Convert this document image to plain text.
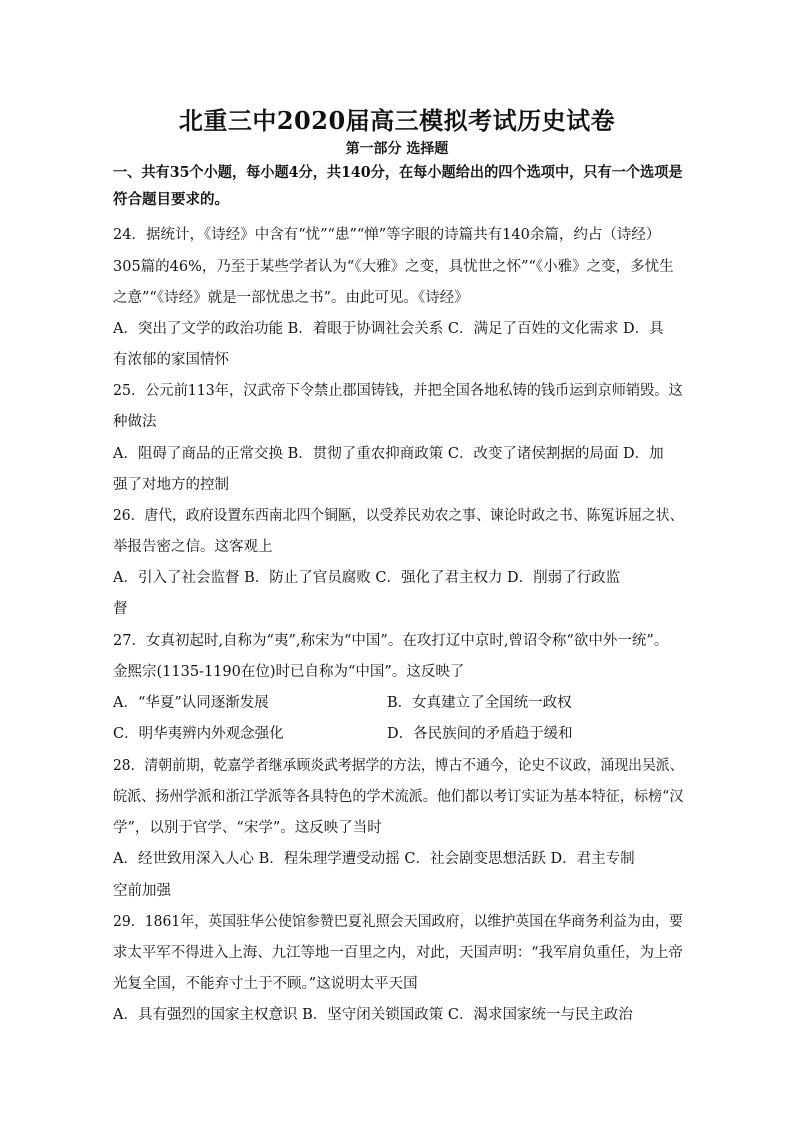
北重三中2020届高三模拟考试历史试卷
第一部分 选择题
一、共有35个小题，每小题4分，共140分，在每小题给出的四个选项中，只有一个选项是
符合题目要求的。
24．据统计，《诗经》中含有“忧”“患”“惮”等字眼的诗篇共有140余篇，约占（诗经）
305篇的46%，乃至于某些学者认为“《大雅》之变，具忧世之怀”“《小雅》之变，多忧生
之意”“《诗经》就是一部忧患之书”。由此可见。《诗经》
A．突出了文学的政治功能 B．着眼于协调社会关系 C．满足了百姓的文化需求 D．具
有浓郁的家国情怀
25．公元前113年，汉武帝下令禁止郡国铸钱，并把全国各地私铸的钱币运到京师销毁。这
种做法
A．阻碍了商品的正常交换 B．贯彻了重农抑商政策 C．改变了诸侯割据的局面 D．加
强了对地方的控制
26．唐代，政府设置东西南北四个铜匦，以受养民劝农之事、谏论时政之书、陈冤诉屈之状、
举报告密之信。这客观上
A．引入了社会监督 B．防止了官员腐败 C．强化了君主权力 D．削弱了行政监
督
27．女真初起时,自称为“夷”,称宋为“中国”。在攻打辽中京时,曾诏令称“欲中外一统”。
金熙宗(1135-1190在位)时已自称为“中国”。这反映了
A．“华夏”认同逐渐发展	B．女真建立了全国统一政权
C．明华夷辨内外观念强化	D．各民族间的矛盾趋于缓和
28．清朝前期，乾嘉学者继承顾炎武考据学的方法，博古不通今，论史不议政，涌现出吴派、
皖派、扬州学派和浙江学派等各具特色的学术流派。他们都以考订实证为基本特征，标榜“汉
学”，以别于官学、“宋学”。这反映了当时
A．经世致用深入人心 B．程朱理学遭受动摇 C．社会剧变思想活跃 D．君主专制
空前加强
29．1861年，英国驻华公使馆参赞巴夏礼照会天国政府，以维护英国在华商务利益为由，要
求太平军不得进入上海、九江等地一百里之内，对此，天国声明：“我军肩负重任，为上帝
光复全国，不能弃寸土于不顾。”这说明太平天国
A．具有强烈的国家主权意识 B．坚守闭关锁国政策 C．渴求国家统一与民主政治
